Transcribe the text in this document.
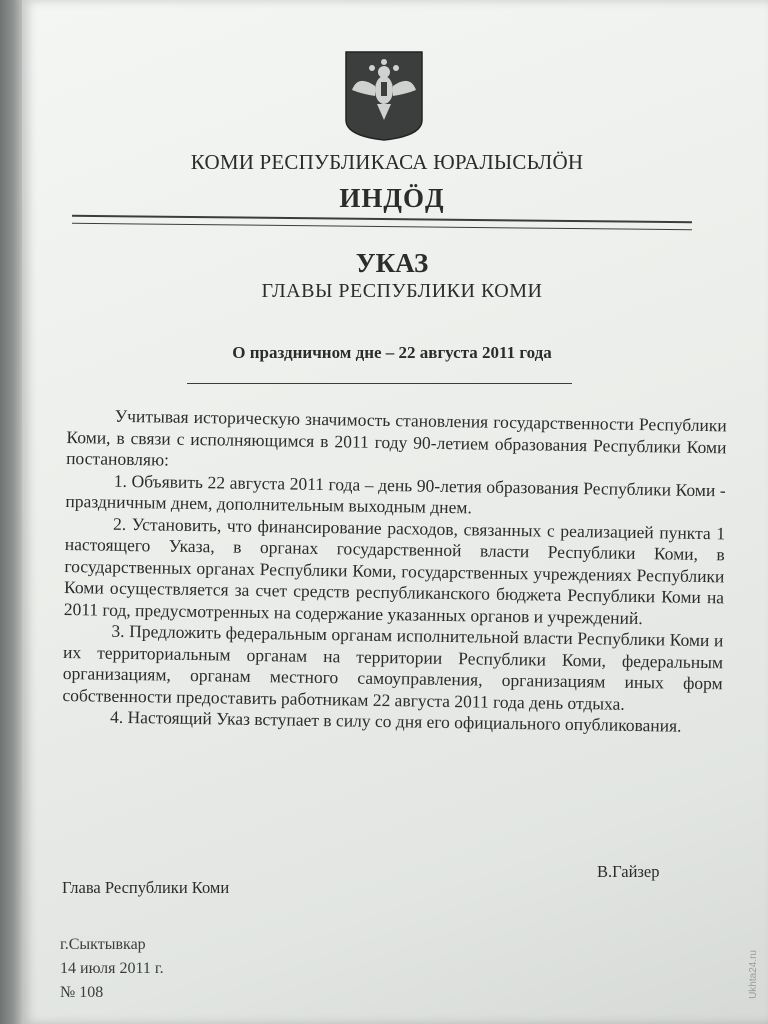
КОМИ РЕСПУБЛИКАСА ЮРАЛЫСЬЛÖН
ИНДÖД
УКАЗ
ГЛАВЫ РЕСПУБЛИКИ КОМИ
О праздничном дне – 22 августа 2011 года

Учитывая историческую значимость становления государственности Республики Коми, в связи с исполняющимся в 2011 году 90-летием образования Республики Коми постановляю:

1. Объявить 22 августа 2011 года – день 90-летия образования Республики Коми - праздничным днем, дополнительным выходным днем.

2. Установить, что финансирование расходов, связанных с реализацией пункта 1 настоящего Указа, в органах государственной власти Республики Коми, в государственных органах Республики Коми, государственных учреждениях Республики Коми осуществляется за счет средств республиканского бюджета Республики Коми на 2011 год, предусмотренных на содержание указанных органов и учреждений.

3. Предложить федеральным органам исполнительной власти Республики Коми и их территориальным органам на территории Республики Коми, федеральным организациям, органам местного самоуправления, организациям иных форм собственности предоставить работникам 22 августа 2011 года день отдыха.

4. Настоящий Указ вступает в силу со дня его официального опубликования.

В.Гайзер
Глава Республики Коми
г.Сыктывкар
14 июля 2011 г.
№ 108	Ukhta24.ru
